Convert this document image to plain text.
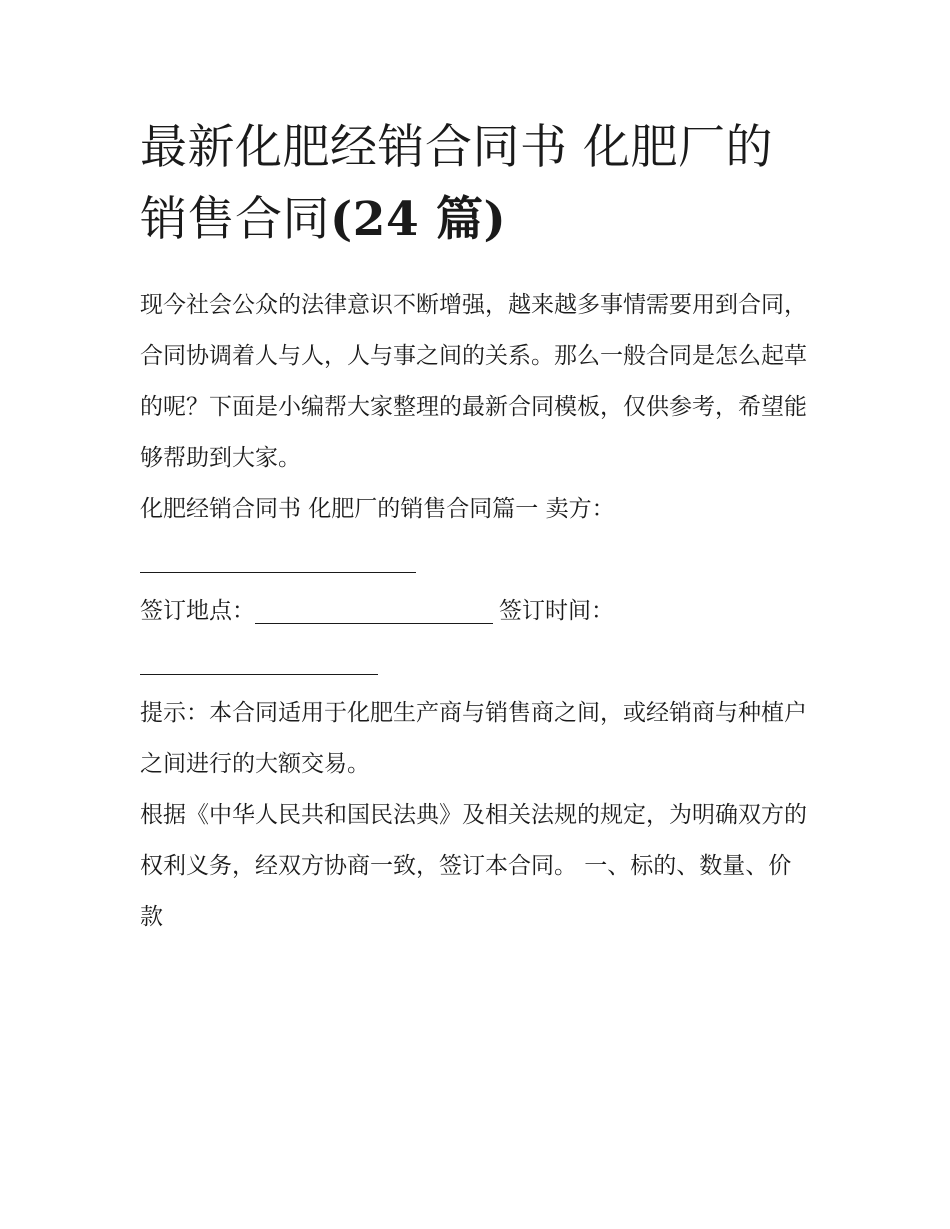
最新化肥经销合同书 化肥厂的
销售合同(24 篇)

现今社会公众的法律意识不断增强，越来越多事情需要用到合同，合同协调着人与人，人与事之间的关系。那么一般合同是怎么起草的呢？下面是小编帮大家整理的最新合同模板，仅供参考，希望能够帮助到大家。

化肥经销合同书 化肥厂的销售合同篇一 卖方：

签订地点：	签订时间：

提示：本合同适用于化肥生产商与销售商之间，或经销商与种植户之间进行的大额交易。

根据《中华人民共和国民法典》及相关法规的规定，为明确双方的权利义务，经双方协商一致，签订本合同。 一、标的、数量、价款
